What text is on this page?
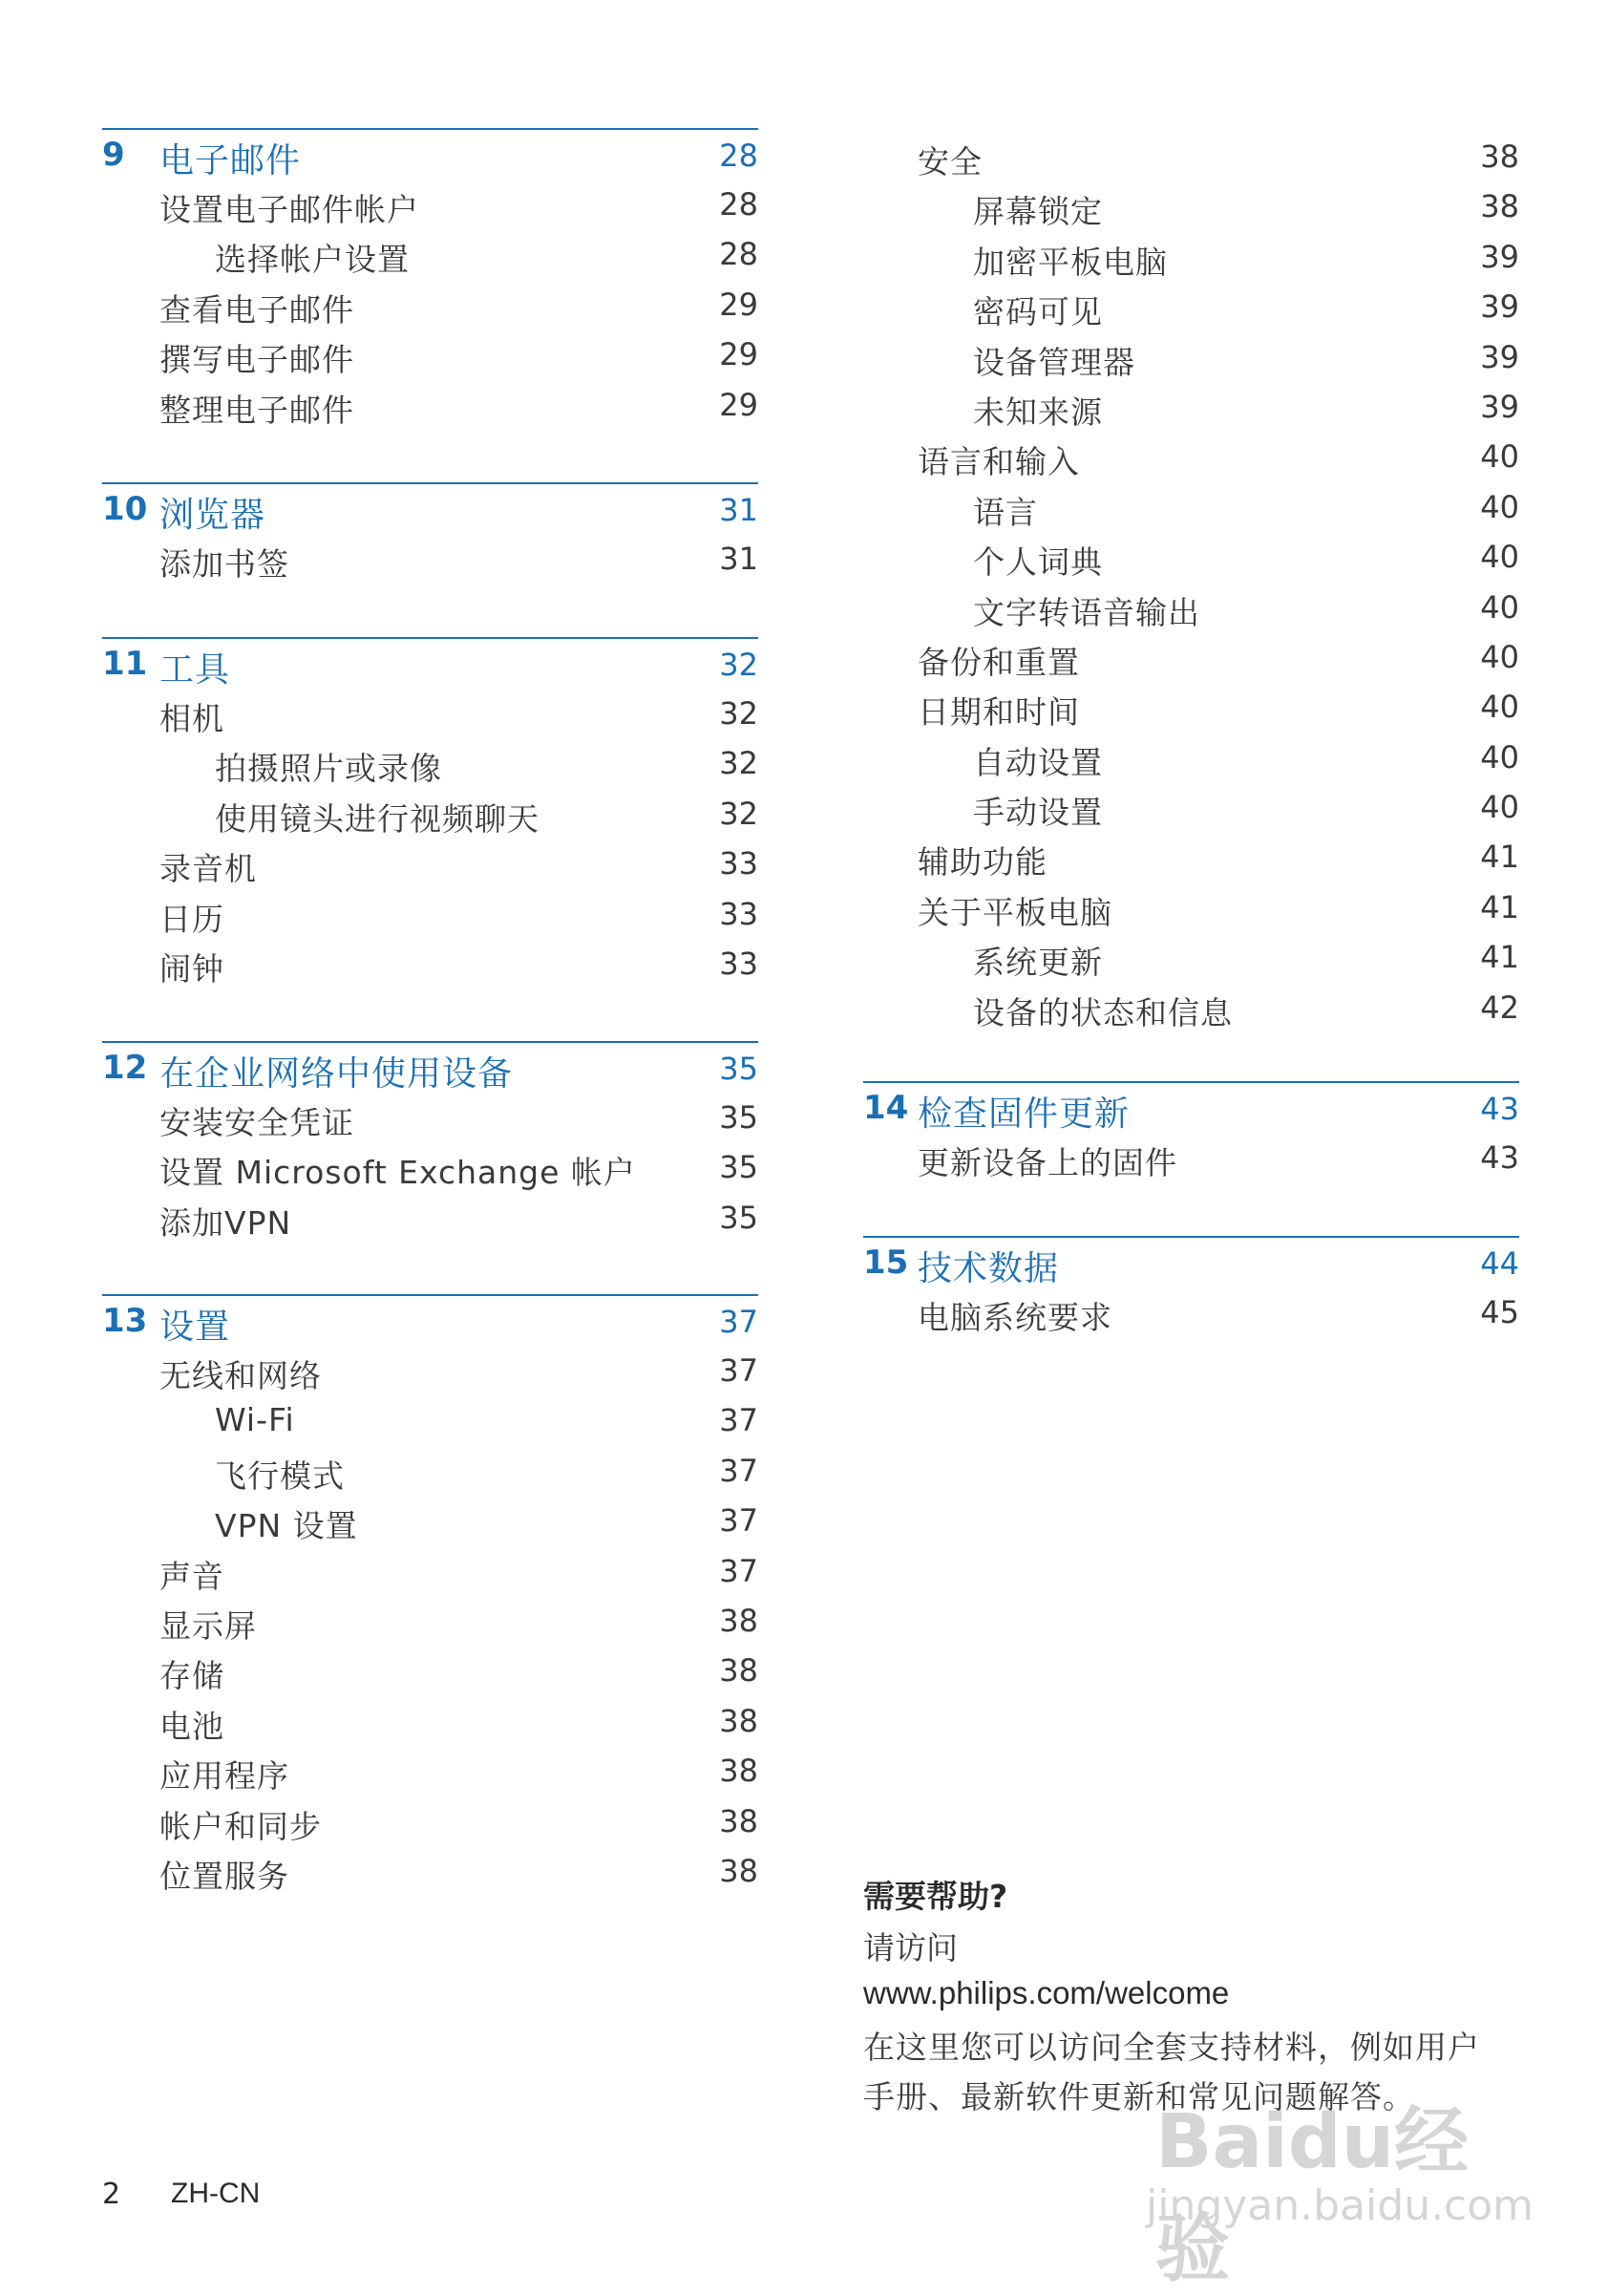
9 电子邮件	28
设置电子邮件帐户	28
选择帐户设置	28
查看电子邮件	29
撰写电子邮件	29
整理电子邮件	29
10 浏览器	31
添加书签	31
11 工具	32
相机	32
拍摄照片或录像	32
使用镜头进行视频聊天	32
录音机	33
日历	33
闹钟	33
12 在企业网络中使用设备	35
安装安全凭证	35
设置 Microsoft Exchange 帐户	35
添加VPN	35
13 设置	37
无线和网络	37
Wi-Fi	37
飞行模式	37
VPN 设置	37
声音	37
显示屏	38
存储	38
电池	38
应用程序	38
帐户和同步	38
位置服务	38
安全	38
屏幕锁定	38
加密平板电脑	39
密码可见	39
设备管理器	39
未知来源	39
语言和输入	40
语言	40
个人词典	40
文字转语音输出	40
备份和重置	40
日期和时间	40
自动设置	40
手动设置	40
辅助功能	41
关于平板电脑	41
系统更新	41
设备的状态和信息	42
14 检查固件更新	43
更新设备上的固件	43
15 技术数据	44
电脑系统要求	45
需要帮助?
请访问
www.philips.com/welcome
在这里您可以访问全套支持材料，例如用户手册、最新软件更新和常见问题解答。
2 ZH-CN
Baidu经验
jingyan.baidu.com
